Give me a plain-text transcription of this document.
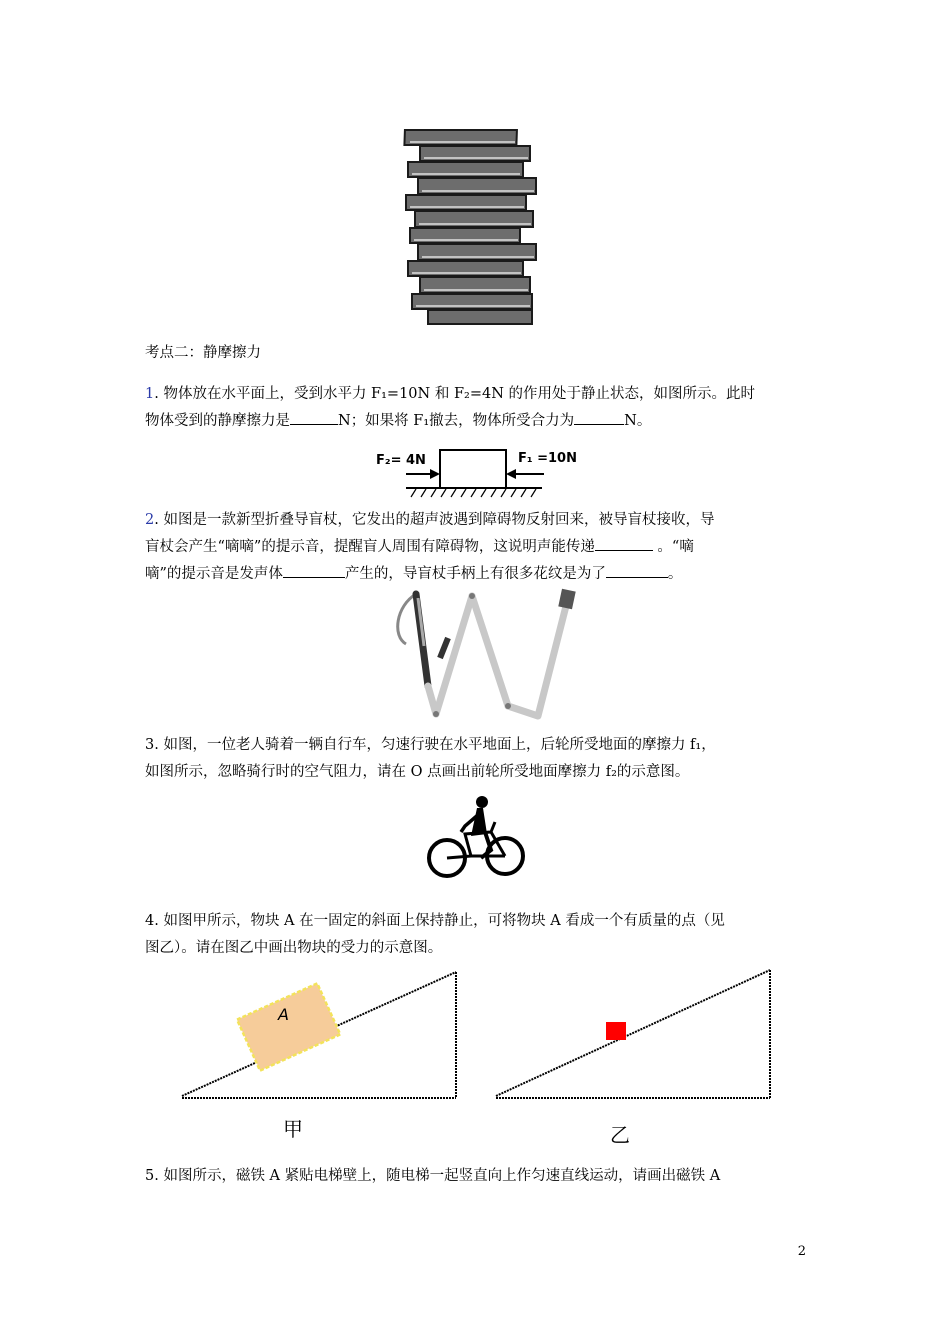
考点二：静摩擦力
1. 物体放在水平面上，受到水平力 F₁=10N 和 F₂=4N 的作用处于静止状态，如图所示。此时
物体受到的静摩擦力是	N；如果将 F₁撤去，物体所受合力为	N。
F₂= 4N	F₁ =10N
2. 如图是一款新型折叠导盲杖，它发出的超声波遇到障碍物反射回来，被导盲杖接收，导
盲杖会产生“嘀嘀”的提示音，提醒盲人周围有障碍物，这说明声能传递	。“嘀
嘀”的提示音是发声体	产生的，导盲杖手柄上有很多花纹是为了	。
3. 如图，一位老人骑着一辆自行车，匀速行驶在水平地面上，后轮所受地面的摩擦力 f₁，
如图所示，忽略骑行时的空气阻力，请在 O 点画出前轮所受地面摩擦力 f₂的示意图。
4. 如图甲所示，物块 A 在一固定的斜面上保持静止，可将物块 A 看成一个有质量的点（见
图乙）。请在图乙中画出物块的受力的示意图。
A
甲	乙
5. 如图所示，磁铁 A 紧贴电梯壁上，随电梯一起竖直向上作匀速直线运动，请画出磁铁 A
2
